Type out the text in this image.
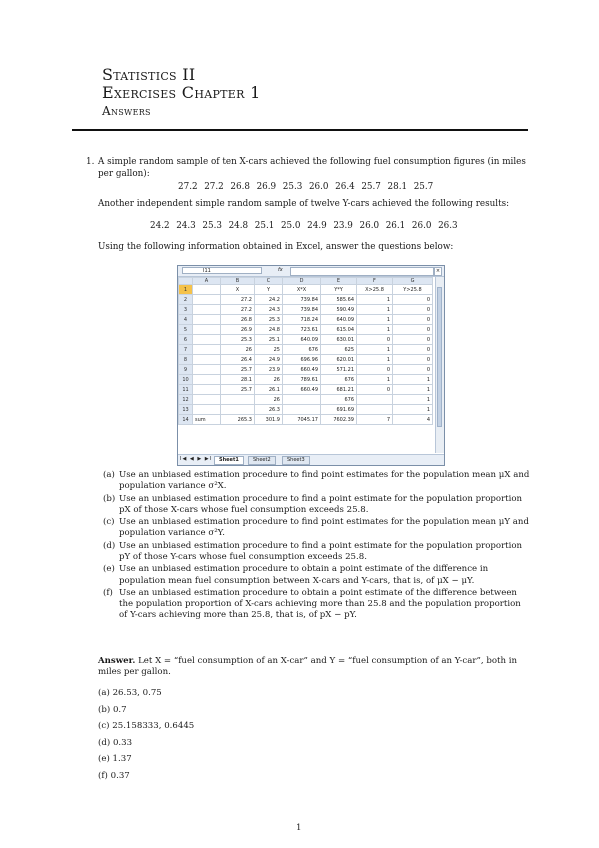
Statistics II
Exercises Chapter 1
Answers
1. A simple random sample of ten X-cars achieved the following fuel consumption figures (in miles per gallon):
27.2 27.2 26.8 26.9 25.3 26.0 26.4 25.7 28.1 25.7
Another independent simple random sample of twelve Y-cars achieved the following results:
24.2 24.3 25.3 24.8 25.1 25.0 24.9 23.9 26.0 26.1 26.0 26.3
Using the following information obtained in Excel, answer the questions below:
I11	fx	×
	A	B	C	D	E	F	G
1		X	Y	X*X	Y*Y	X>25.8	Y>25.8
2		27.2	24.2	739.84	585.64	1	0
3		27.2	24.3	739.84	590.49	1	0
4		26.8	25.3	718.24	640.09	1	0
5		26.9	24.8	723.61	615.04	1	0
6		25.3	25.1	640.09	630.01	0	0
7		26	25	676	625	1	0
8		26.4	24.9	696.96	620.01	1	0
9		25.7	23.9	660.49	571.21	0	0
10		28.1	26	789.61	676	1	1
11		25.7	26.1	660.49	681.21	0	1
12			26		676		1
13			26.3		691.69		1
14	sum	265.3	301.9	7045.17	7602.39	7	4
I◀ ◀ ▶ ▶I	Sheet1	Sheet2	Sheet3
(a) Use an unbiased estimation procedure to find point estimates for the population mean μX and population variance σ²X.
(b) Use an unbiased estimation procedure to find a point estimate for the population proportion pX of those X-cars whose fuel consumption exceeds 25.8.
(c) Use an unbiased estimation procedure to find point estimates for the population mean μY and population variance σ²Y.
(d) Use an unbiased estimation procedure to find a point estimate for the population proportion pY of those Y-cars whose fuel consumption exceeds 25.8.
(e) Use an unbiased estimation procedure to obtain a point estimate of the difference in population mean fuel consumption between X-cars and Y-cars, that is, of μX − μY.
(f) Use an unbiased estimation procedure to obtain a point estimate of the difference between the population proportion of X-cars achieving more than 25.8 and the population proportion of Y-cars achieving more than 25.8, that is, of pX − pY.
Answer. Let X = “fuel consumption of an X-car” and Y = “fuel consumption of an Y-car”, both in miles per gallon.
(a) 26.53, 0.75
(b) 0.7
(c) 25.158333, 0.6445
(d) 0.33
(e) 1.37
(f) 0.37
1
